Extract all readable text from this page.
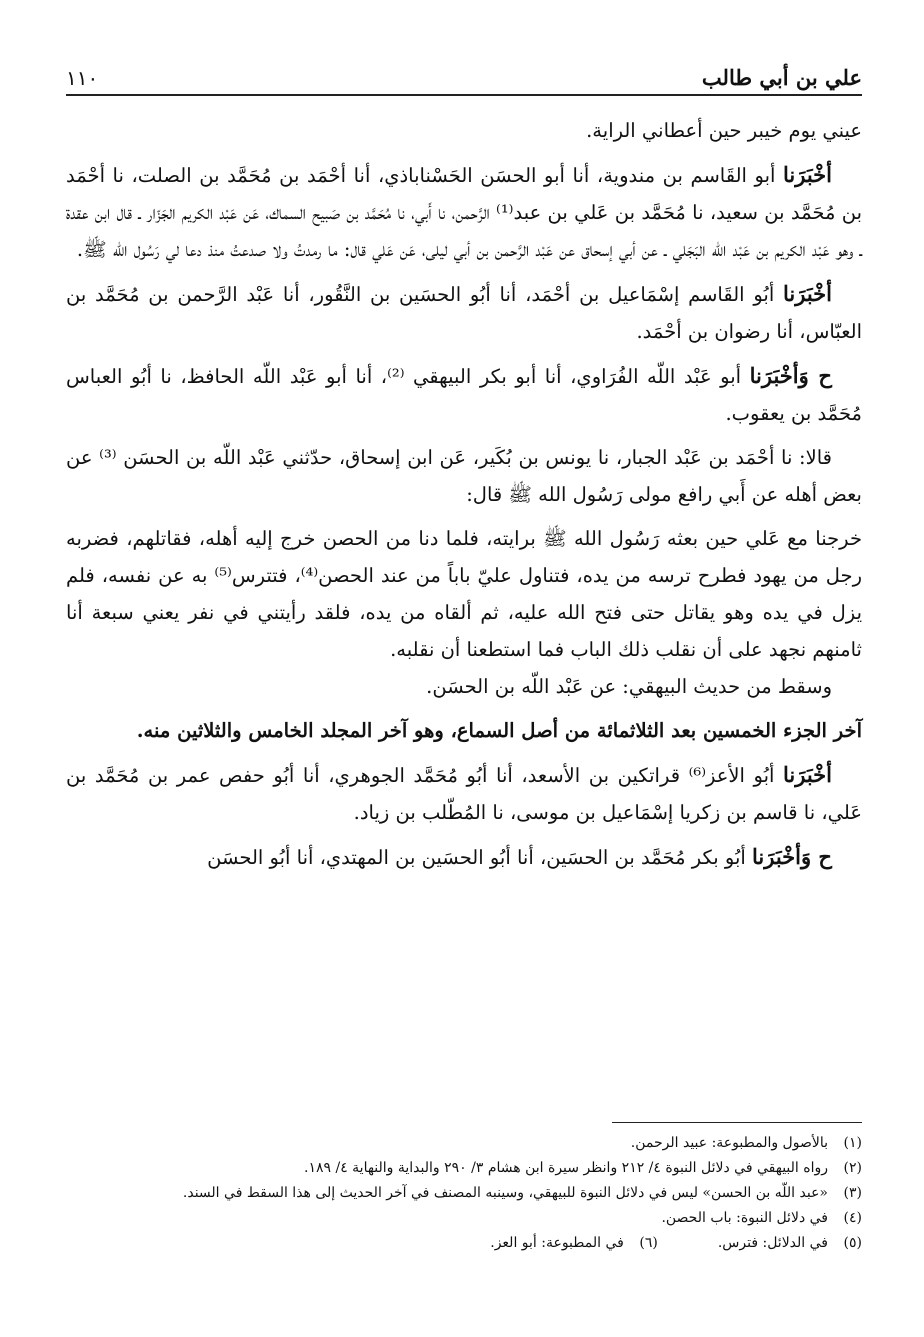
علي بن أبي طالب
١١٠

عيني يوم خيبر حين أعطاني الراية.

أخْبَرَنا أبو القَاسم بن مندوية، أنا أبو الحسَن الحَسْناباذي، أنا أحْمَد بن مُحَمَّد بن الصلت، نا أحْمَد بن مُحَمَّد بن سعيد، نا مُحَمَّد بن عَلي بن عبد⁽¹⁾ الرَّحمن، نا أَبي، نا مُحَمَّد بن صَبيح السماك، عَن عَبْد الكريم الجَزّار ـ قال ابن عقدة ـ وهو عَبْد الكريم بن عَبْد اللّه البَجَلي ـ عن أبي إسحاق عن عَبْد الرَّحمن بن أبي ليلى، عَن عَلي قال: ما رمدتُ ولا صدعتُ منذ دعا لي رَسُول الله ﷺ.

أخْبَرَنا أبُو القَاسم إسْمَاعيل بن أحْمَد، أنا أبُو الحسَين بن النَّقُور، أنا عَبْد الرَّحمن بن مُحَمَّد بن العبّاس، أنا رضوان بن أحْمَد.

ح وَأخْبَرَنا أبو عَبْد اللّه الفُرَاوي، أنا أبو بكر البيهقي ⁽²⁾، أنا أبو عَبْد اللّه الحافظ، نا أبُو العباس مُحَمَّد بن يعقوب.

قالا: نا أحْمَد بن عَبْد الجبار، نا يونس بن بُكَير، عَن ابن إسحاق، حدّثني عَبْد اللّه بن الحسَن ⁽³⁾ عن بعض أهله عن أَبي رافع مولى رَسُول الله ﷺ قال:

خرجنا مع عَلي حين بعثه رَسُول الله ﷺ برايته، فلما دنا من الحصن خرج إليه أهله، فقاتلهم، فضربه رجل من يهود فطرح ترسه من يده، فتناول عليّ باباً من عند الحصن⁽⁴⁾، فتترس⁽⁵⁾ به عن نفسه، فلم يزل في يده وهو يقاتل حتى فتح الله عليه، ثم ألقاه من يده، فلقد رأيتني في نفر يعني سبعة أنا ثامنهم نجهد على أن نقلب ذلك الباب فما استطعنا أن نقلبه.

وسقط من حديث البيهقي: عن عَبْد اللّه بن الحسَن.

آخر الجزء الخمسين بعد الثلاثمائة من أصل السماع، وهو آخر المجلد الخامس والثلاثين منه.

أخْبَرَنا أبُو الأعز⁽⁶⁾ قراتكين بن الأسعد، أنا أبُو مُحَمَّد الجوهري، أنا أبُو حفص عمر بن مُحَمَّد بن عَلي، نا قاسم بن زكريا إسْمَاعيل بن موسى، نا المُطّلب بن زياد.

ح وَأخْبَرَنا أبُو بكر مُحَمَّد بن الحسَين، أنا أبُو الحسَين بن المهتدي، أنا أبُو الحسَن

(١)بالأصول والمطبوعة: عبيد الرحمن.
(٢)رواه البيهقي في دلائل النبوة ٤/ ٢١٢ وانظر سيرة ابن هشام ٣/ ٢٩٠ والبداية والنهاية ٤/ ١٨٩.
(٣)«عبد اللّه بن الحسن» ليس في دلائل النبوة للبيهقي، وسينبه المصنف في آخر الحديث إلى هذا السقط في السند.
(٤)في دلائل النبوة: باب الحصن.
(٥)في الدلائل: فترس.
(٦)في المطبوعة: أبو العز.
